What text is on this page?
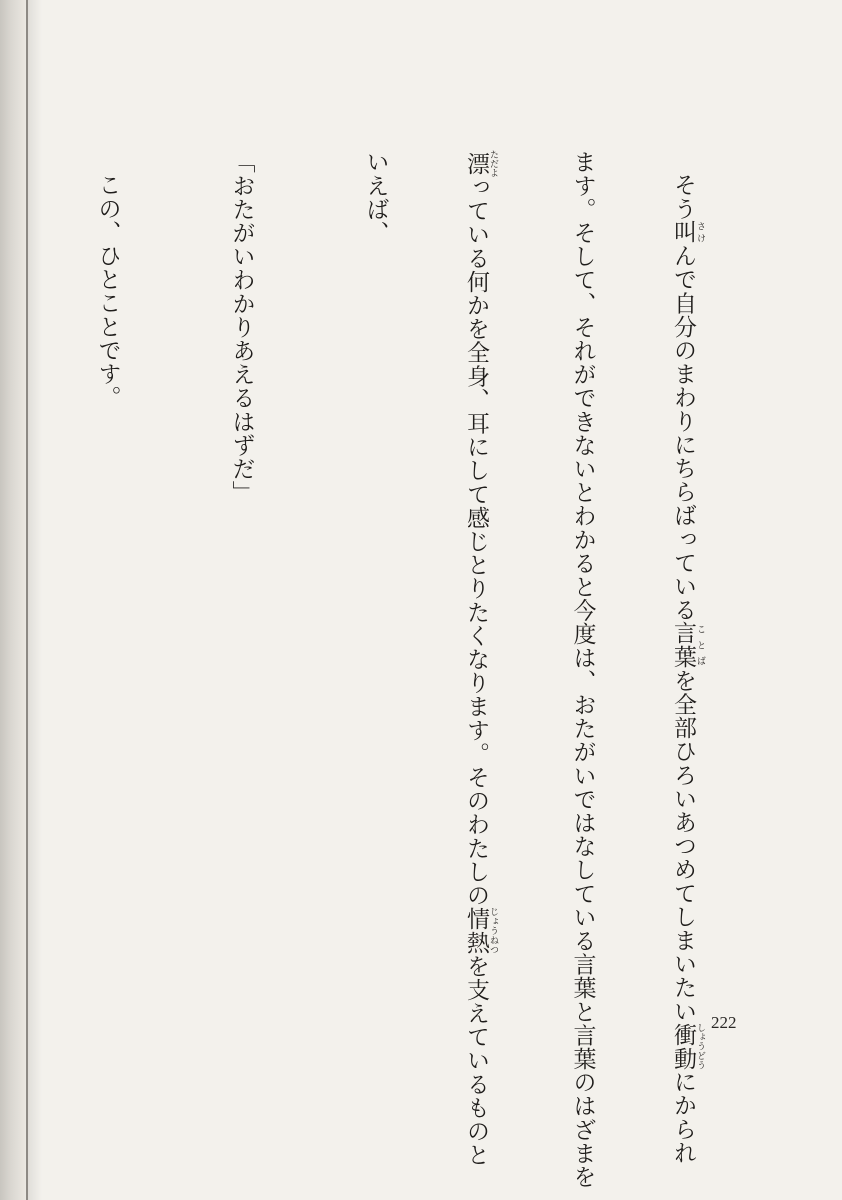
そう叫 さけんで自分のまわりにちらばっている言葉 ことばを全部ひろいあつめてしまいたい衝動 しょうどうにかられ

ます。そして、それができないとわかると今度は、おたがいではなしている言葉と言葉のはざまを

漂 ただよっている何かを全身、耳にして感じとりたくなります。そのわたしの情熱 じょうねつを支えているものと

いえば、

「おたがいわかりあえるはずだ」

この、ひとことです。

222
